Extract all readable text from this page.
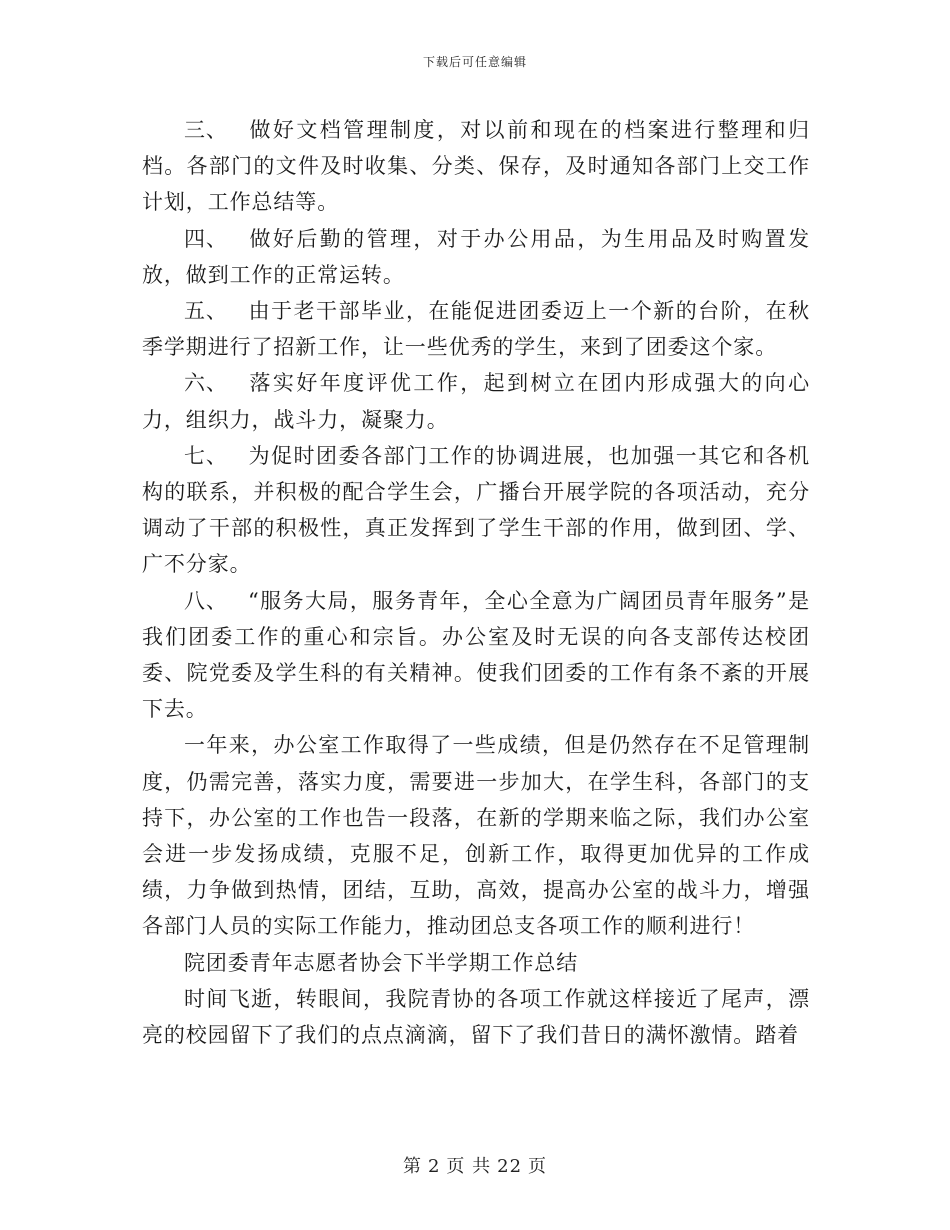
下载后可任意编辑

三、 做好文档管理制度，对以前和现在的档案进行整理和归档。各部门的文件及时收集、分类、保存，及时通知各部门上交工作计划，工作总结等。

四、 做好后勤的管理，对于办公用品，为生用品及时购置发放，做到工作的正常运转。

五、 由于老干部毕业，在能促进团委迈上一个新的台阶，在秋季学期进行了招新工作，让一些优秀的学生，来到了团委这个家。

六、 落实好年度评优工作，起到树立在团内形成强大的向心力，组织力，战斗力，凝聚力。

七、 为促时团委各部门工作的协调进展，也加强一其它和各机构的联系，并积极的配合学生会，广播台开展学院的各项活动，充分调动了干部的积极性，真正发挥到了学生干部的作用，做到团、学、广不分家。

八、 “服务大局，服务青年，全心全意为广阔团员青年服务”是我们团委工作的重心和宗旨。办公室及时无误的向各支部传达校团委、院党委及学生科的有关精神。使我们团委的工作有条不紊的开展下去。

一年来，办公室工作取得了一些成绩，但是仍然存在不足管理制度，仍需完善，落实力度，需要进一步加大，在学生科，各部门的支持下，办公室的工作也告一段落，在新的学期来临之际，我们办公室会进一步发扬成绩，克服不足，创新工作，取得更加优异的工作成绩，力争做到热情，团结，互助，高效，提高办公室的战斗力，增强各部门人员的实际工作能力，推动团总支各项工作的顺利进行！

院团委青年志愿者协会下半学期工作总结

时间飞逝，转眼间，我院青协的各项工作就这样接近了尾声，漂亮的校园留下了我们的点点滴滴，留下了我们昔日的满怀激情。踏着

第 2 页 共 22 页
